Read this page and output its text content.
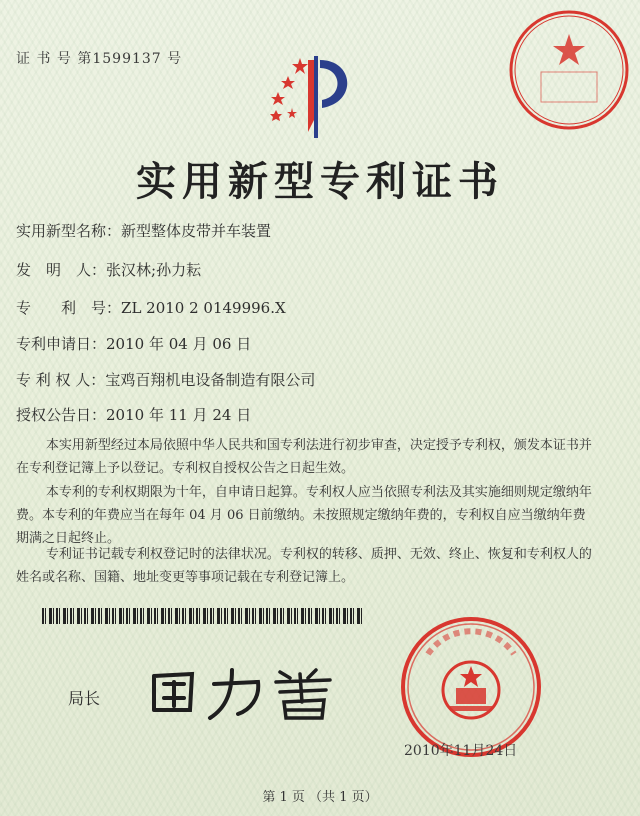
证 书 号 第1599137 号
实用新型专利证书
实用新型名称：新型整体皮带并车装置
发　明　人：张汉林;孙力耘
专　　利　号：ZL 2010 2 0149996.X
专利申请日：2010 年 04 月 06 日
专 利 权 人：宝鸡百翔机电设备制造有限公司
授权公告日：2010 年 11 月 24 日
本实用新型经过本局依照中华人民共和国专利法进行初步审查，决定授予专利权，颁发本证书并在专利登记簿上予以登记。专利权自授权公告之日起生效。
本专利的专利权期限为十年，自申请日起算。专利权人应当依照专利法及其实施细则规定缴纳年费。本专利的年费应当在每年 04 月 06 日前缴纳。未按照规定缴纳年费的，专利权自应当缴纳年费期满之日起终止。
专利证书记载专利权登记时的法律状况。专利权的转移、质押、无效、终止、恢复和专利权人的姓名或名称、国籍、地址变更等事项记载在专利登记簿上。
局长
2010年11月24日
第 1 页 （共 1 页）
